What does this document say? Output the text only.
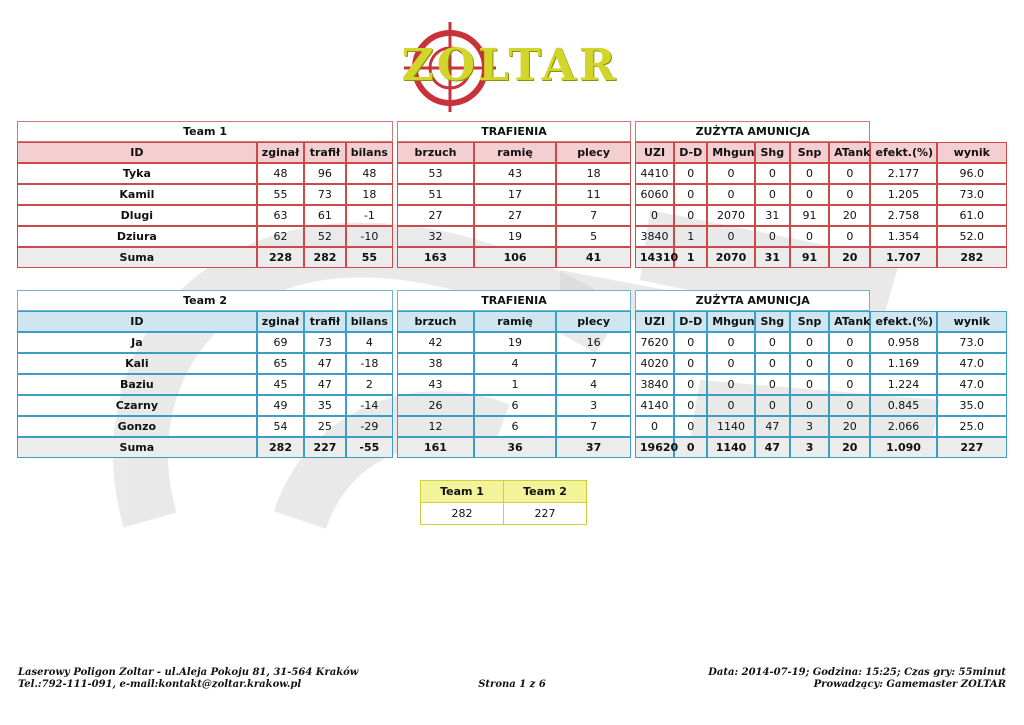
ZOLTAR
Team 1					TRAFIENIA				ZUŻYTA AMUNICJA							
ID	zginał	trafił	bilans		brzuch	ramię	plecy		UZI	D-D	Mhgun	Shg	Snp	ATank	efekt.(%)	wynik
Tyka	48	96	48		53	43	18		4410	0	0	0	0	0	2.177	96.0
Kamil	55	73	18		51	17	11		6060	0	0	0	0	0	1.205	73.0
Dlugi	63	61	-1		27	27	7		0	0	2070	31	91	20	2.758	61.0
Dziura	62	52	-10		32	19	5		3840	1	0	0	0	0	1.354	52.0
Suma	228	282	55		163	106	41		14310	1	2070	31	91	20	1.707	282
Team 2					TRAFIENIA				ZUŻYTA AMUNICJA							
ID	zginał	trafił	bilans		brzuch	ramię	plecy		UZI	D-D	Mhgun	Shg	Snp	ATank	efekt.(%)	wynik
Ja	69	73	4		42	19	16		7620	0	0	0	0	0	0.958	73.0
Kali	65	47	-18		38	4	7		4020	0	0	0	0	0	1.169	47.0
Baziu	45	47	2		43	1	4		3840	0	0	0	0	0	1.224	47.0
Czarny	49	35	-14		26	6	3		4140	0	0	0	0	0	0.845	35.0
Gonzo	54	25	-29		12	6	7		0	0	1140	47	3	20	2.066	25.0
Suma	282	227	-55		161	36	37		19620	0	1140	47	3	20	1.090	227
Team 1	Team 2
282	227
Laserowy Poligon Zoltar - ul.Aleja Pokoju 81, 31-564 Kraków
Tel.:792-111-091, e-mail:kontakt@zoltar.krakow.pl	Strona 1 z 6
Data: 2014-07-19; Godzina: 15:25; Czas gry: 55minut
Prowadzący: Gamemaster ZOLTAR
